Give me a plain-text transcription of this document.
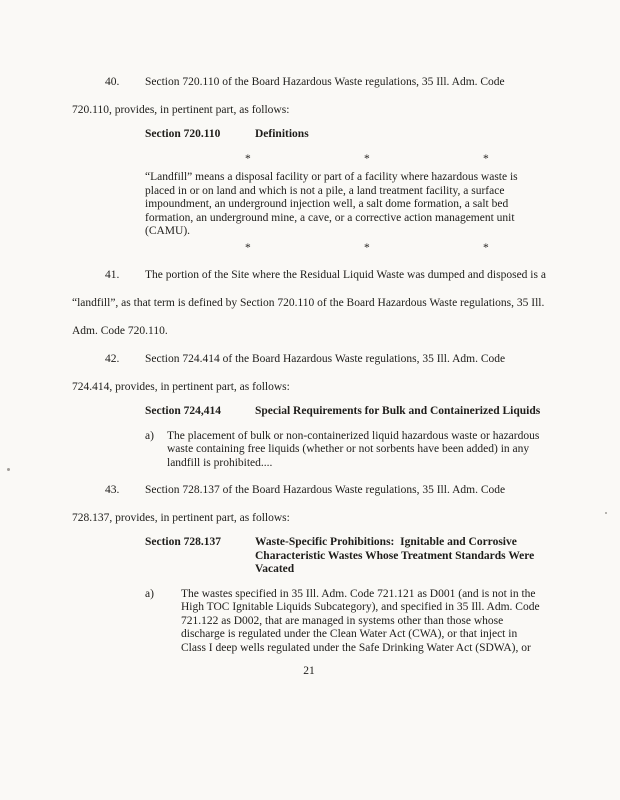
40. Section 720.110 of the Board Hazardous Waste regulations, 35 Ill. Adm. Code 720.110, provides, in pertinent part, as follows:

Section 720.110	Definitions
*      *      *
“Landfill” means a disposal facility or part of a facility where hazardous waste is placed in or on land and which is not a pile, a land treatment facility, a surface impoundment, an underground injection well, a salt dome formation, a salt bed formation, an underground mine, a cave, or a corrective action management unit (CAMU).
*      *      *

41. The portion of the Site where the Residual Liquid Waste was dumped and disposed is a “landfill”, as that term is defined by Section 720.110 of the Board Hazardous Waste regulations, 35 Ill. Adm. Code 720.110.

42. Section 724.414 of the Board Hazardous Waste regulations, 35 Ill. Adm. Code 724.414, provides, in pertinent part, as follows:

Section 724,414	Special Requirements for Bulk and Containerized Liquids
a)	The placement of bulk or non-containerized liquid hazardous waste or hazardous waste containing free liquids (whether or not sorbents have been added) in any landfill is prohibited....

43. Section 728.137 of the Board Hazardous Waste regulations, 35 Ill. Adm. Code 728.137, provides, in pertinent part, as follows:

Section 728.137	Waste-Specific Prohibitions:  Ignitable and Corrosive Characteristic Wastes Whose Treatment Standards Were Vacated
a)	The wastes specified in 35 Ill. Adm. Code 721.121 as D001 (and is not in the High TOC Ignitable Liquids Subcategory), and specified in 35 Ill. Adm. Code 721.122 as D002, that are managed in systems other than those whose discharge is regulated under the Clean Water Act (CWA), or that inject in Class I deep wells regulated under the Safe Drinking Water Act (SDWA), or
21
